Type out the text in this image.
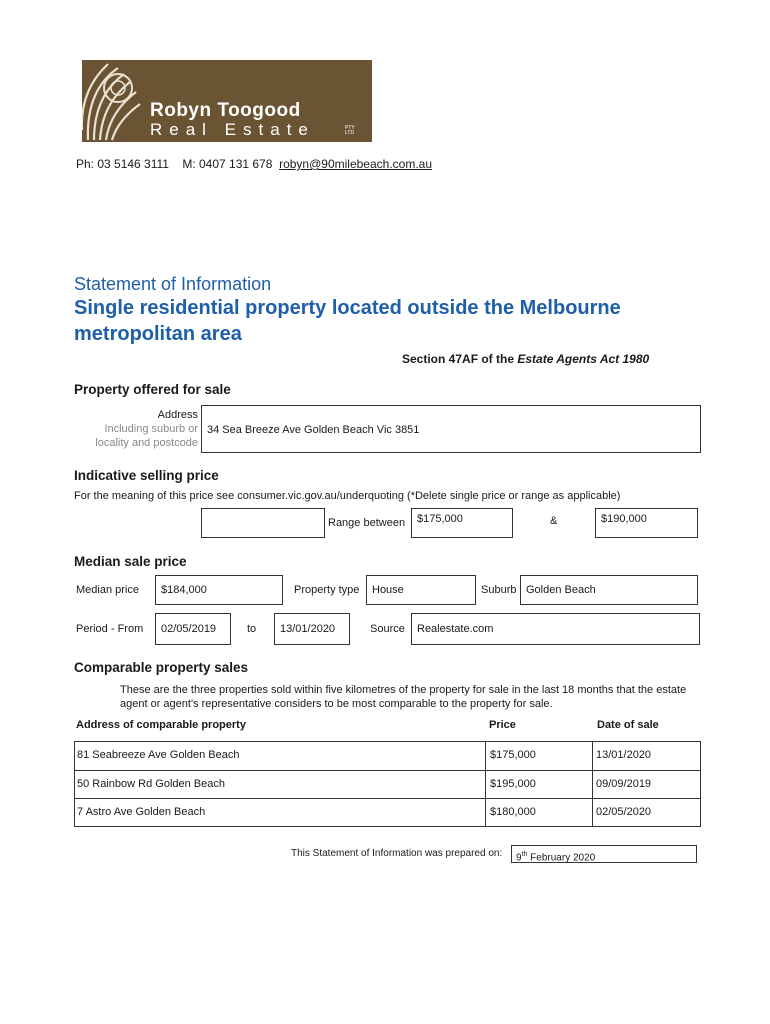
Robyn Toogood
Real Estate	PTY LTD
Ph: 03 5146 3111 M: 0407 131 678 robyn@90milebeach.com.au
Statement of Information
Single residential property located outside the Melbourne metropolitan area
Section 47AF of the Estate Agents Act 1980
Property offered for sale
Address
Including suburb or
locality and postcode
34 Sea Breeze Ave Golden Beach Vic 3851
Indicative selling price
For the meaning of this price see consumer.vic.gov.au/underquoting (*Delete single price or range as applicable)
Range between	$175,000	&	$190,000
Median sale price
Median price	$184,000	Property type	House	Suburb Golden Beach
Period - From	02/05/2019	to	13/01/2020	Source	Realestate.com
Comparable property sales
These are the three properties sold within five kilometres of the property for sale in the last 18 months that the estate agent or agent's representative considers to be most comparable to the property for sale.
Address of comparable property	Price	Date of sale
81 Seabreeze Ave Golden Beach	$175,000	13/01/2020
50 Rainbow Rd Golden Beach	$195,000	09/09/2019
7 Astro Ave Golden Beach	$180,000	02/05/2020
This Statement of Information was prepared on:	9th February 2020
